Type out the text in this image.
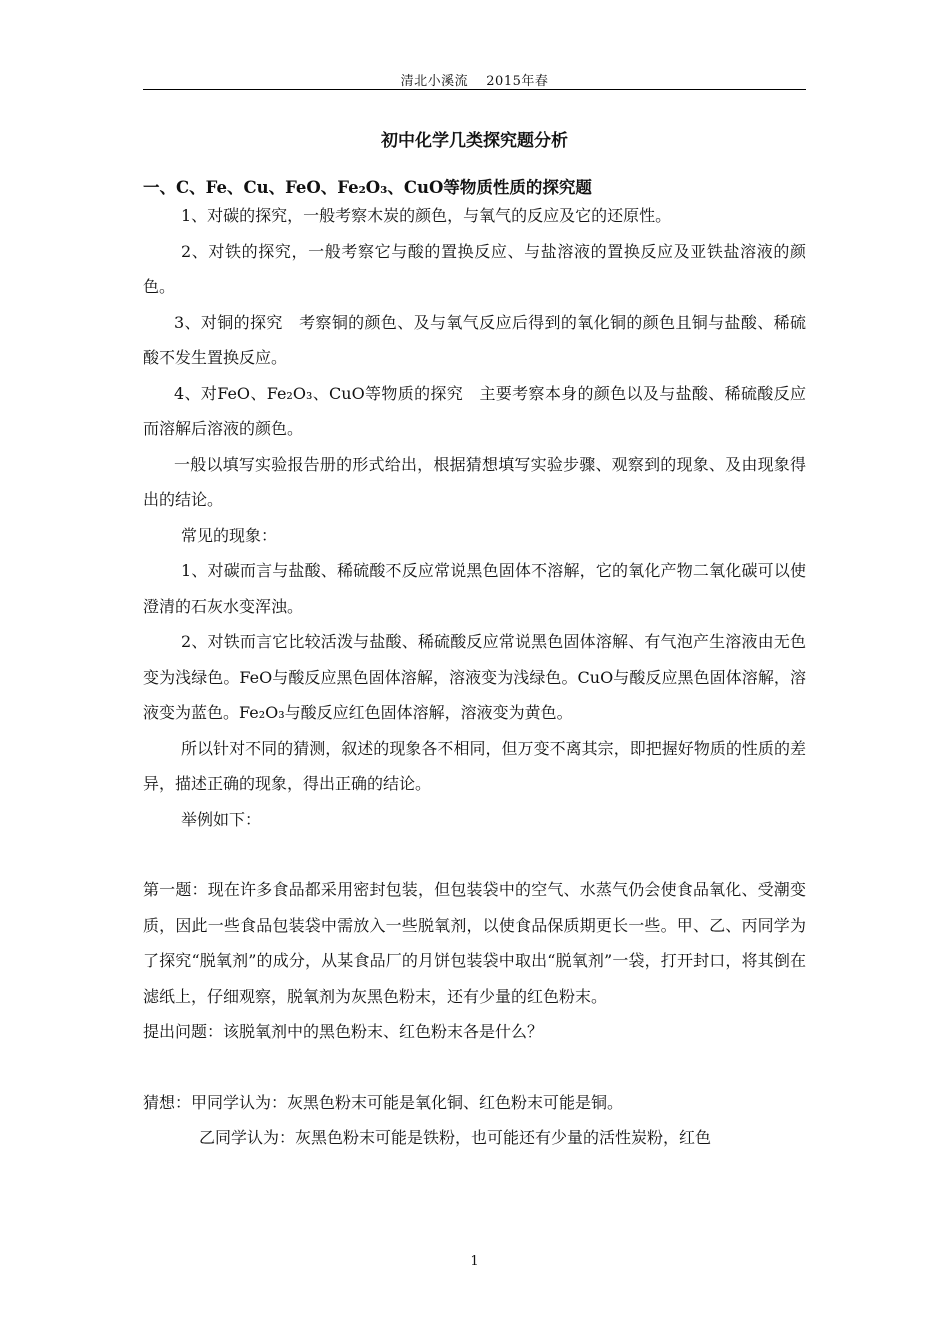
清北小溪流　 2015年春
初中化学几类探究题分析
一、C、Fe、Cu、FeO、Fe₂O₃、CuO等物质性质的探究题

1、对碳的探究，一般考察木炭的颜色，与氧气的反应及它的还原性。

2、对铁的探究，一般考察它与酸的置换反应、与盐溶液的置换反应及亚铁盐溶液的颜色。

3、对铜的探究　考察铜的颜色、及与氧气反应后得到的氧化铜的颜色且铜与盐酸、稀硫酸不发生置换反应。

4、对FeO、Fe₂O₃、CuO等物质的探究　主要考察本身的颜色以及与盐酸、稀硫酸反应而溶解后溶液的颜色。

一般以填写实验报告册的形式给出，根据猜想填写实验步骤、观察到的现象、及由现象得出的结论。

常见的现象：

1、对碳而言与盐酸、稀硫酸不反应常说黑色固体不溶解，它的氧化产物二氧化碳可以使澄清的石灰水变浑浊。

2、对铁而言它比较活泼与盐酸、稀硫酸反应常说黑色固体溶解、有气泡产生溶液由无色变为浅绿色。FeO与酸反应黑色固体溶解，溶液变为浅绿色。CuO与酸反应黑色固体溶解，溶液变为蓝色。Fe₂O₃与酸反应红色固体溶解，溶液变为黄色。

所以针对不同的猜测，叙述的现象各不相同，但万变不离其宗，即把握好物质的性质的差异，描述正确的现象，得出正确的结论。

举例如下：

第一题：现在许多食品都采用密封包装，但包装袋中的空气、水蒸气仍会使食品氧化、受潮变质，因此一些食品包装袋中需放入一些脱氧剂，以使食品保质期更长一些。甲、乙、丙同学为了探究“脱氧剂”的成分，从某食品厂的月饼包装袋中取出“脱氧剂”一袋，打开封口，将其倒在滤纸上，仔细观察，脱氧剂为灰黑色粉末，还有少量的红色粉末。

提出问题：该脱氧剂中的黑色粉末、红色粉末各是什么？

猜想：甲同学认为：灰黑色粉末可能是氧化铜、红色粉末可能是铜。

乙同学认为：灰黑色粉末可能是铁粉，也可能还有少量的活性炭粉，红色

1
